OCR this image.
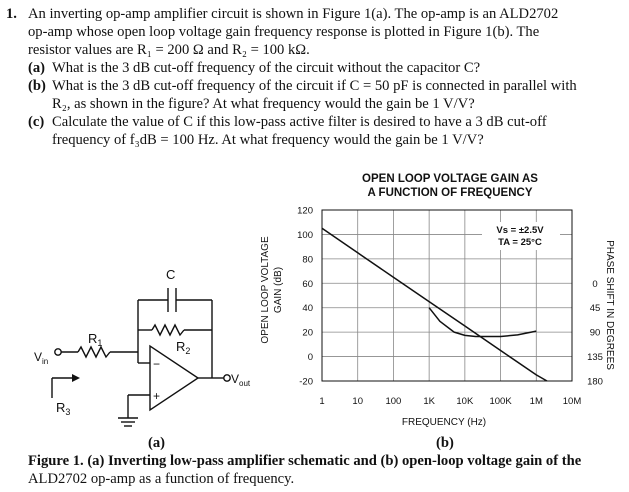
1. An inverting op-amp amplifier circuit is shown in Figure 1(a). The op-amp is an ALD2702
op-amp whose open loop voltage gain frequency response is plotted in Figure 1(b). The
resistor values are R₁ = 200 Ω and R₂ = 100 kΩ.
(a) What is the 3 dB cut-off frequency of the circuit without the capacitor C?
(b) What is the 3 dB cut-off frequency of the circuit if C = 50 pF is connected in parallel with
R₂, as shown in the figure? At what frequency would the gain be 1 V/V?
(c) Calculate the value of C if this low-pass active filter is desired to have a 3 dB cut-off
frequency of f₃dB = 100 Hz. At what frequency would the gain be 1 V/V?
C
$R_1$	$R_2$
$V_{in}$
$V_{out}$
$R_3$
−
+
OPEN LOOP VOLTAGE GAIN AS
A FUNCTION OF FREQUENCY
OPEN LOOP VOLTAGE GAIN (dB)	PHASE SHIFT IN DEGREES
FREQUENCY (Hz)
1	10 100 1K 10K 100K 1M 10M
-20
0
20
40
60
80
100
120
180
135
90
45
0
Vs = ±2.5V
TA = 25°C
(a)	(b)
Figure 1. (a) Inverting low-pass amplifier schematic and (b) open-loop voltage gain of the
ALD2702 op-amp as a function of frequency.
